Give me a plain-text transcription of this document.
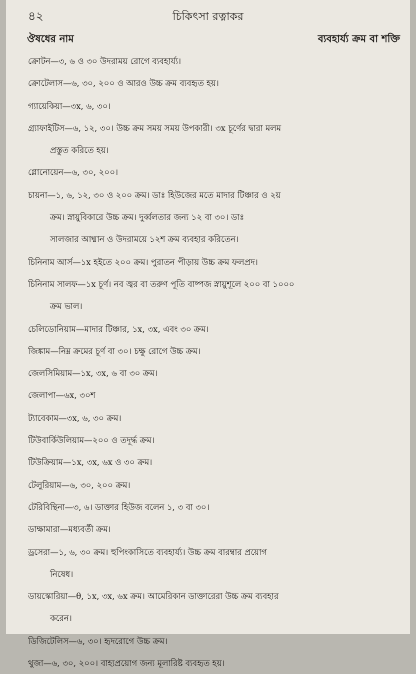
৪২	চিকিৎসা রত্নাকর
ঔষধের নাম	ব্যবহার্য্য ক্রম বা শক্তি
ক্রোটন—৩, ৬ ও ৩০ উদরাময় রোগে ব্যবহার্য্য।
ক্রোটেলাস—৬, ৩০, ২০০ ও আরও উচ্চ ক্রম ব্যবহৃত হয়।
গ্যায়েকিয়া—৩x, ৬, ৩০।
গ্র্যাফাইটিস—৬, ১২, ৩০। উচ্চ ক্রম সময় সময় উপকারী। ৩x চূর্ণের দ্বারা মলম
প্রস্তুত করিতে হয়।
গ্লোনোয়েন—৬, ৩০, ২০০।
চায়না—১, ৬, ১২, ৩০ ও ২০০ ক্রম। ডাঃ হিউজের মতে মাদার টিঞ্চার ও ২য়
ক্রম। স্নায়ুবিকারে উচ্চ ক্রম। দুর্ব্বলতার জন্য ১২ বা ৩০। ডাঃ
সালজার আধ্মান ও উদরাময়ে ১২শ ক্রম ব্যবহার করিতেন।
চিনিনাম আর্স—১x হইতে ২০০ ক্রম। পুরাতন পীড়ায় উচ্চ ক্রম ফলপ্রদ।
চিনিনাম সালফ—১x চূর্ণ। নব জ্বর বা তরুণ পূতি বাষ্পজ স্নায়ুশূলে ২০০ বা ১০০০
ক্রম ভাল।
চেলিডোনিয়াম—মাদার টিঞ্চার, ১x, ৩x, এবং ৩০ ক্রম।
জিঙ্কাম—নিম্ন ক্রমের চূর্ণ বা ৩০। চক্ষু রোগে উচ্চ ক্রম।
জেলসিমিয়াম—১x, ৩x, ৬ বা ৩০ ক্রম।
জেলাপা—৬x, ৩০শ
ট্যাবেকাম—৩x, ৬, ৩০ ক্রম।
টিউবার্কিউলিয়াম—২০০ ও তদূর্দ্ধ ক্রম।
টিউক্রিয়াম—১x, ৩x, ৬x ও ৩০ ক্রম।
টেলুরিয়াম—৬, ৩০, ২০০ ক্রম।
টেরিবিন্থিনা—৩, ৬। ডাক্তার হিউজ বলেন ১, ৩ বা ৩০।
ডাক্ষামারা—মধ্যবর্তী ক্রম।
ড্রসেরা—১, ৬, ৩০ ক্রম। হুপিংকাসিতে ব্যবহার্য্য। উচ্চ ক্রম বারম্বার প্রয়োগ
নিষেধ।
ডায়স্কোরিয়া—θ, ১x, ৩x, ৬x ক্রম। আমেরিকান ডাক্তারেরা উচ্চ ক্রম ব্যবহার
করেন।
ডিজিটেলিস—৬, ৩০। হৃদরোগে উচ্চ ক্রম।
থুজা—৬, ৩০, ২০০। বাহ্যপ্রয়োগ জন্য মূলারিষ্ট ব্যবহৃত হয়।
